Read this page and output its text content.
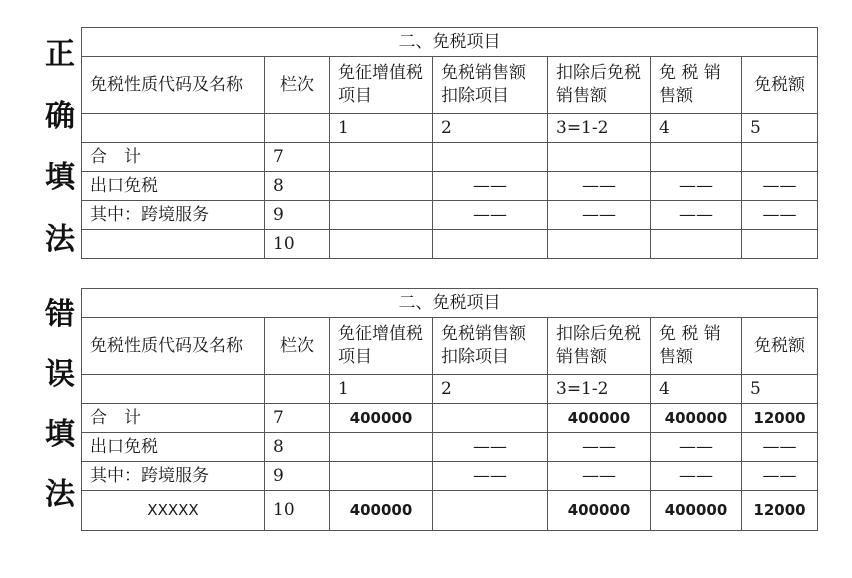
正
确
填
法
错
误
填
法
二、免税项目						
免税性质代码及名称	栏次	免征增值税项目	免税销售额扣除项目	扣除后免税销售额	免 税 销售额	免税额
		1	2	3=1-2	4	5
合　计	7					
出口免税	8		——	——	——	——
其中：跨境服务	9		——	——	——	——
	10					
二、免税项目						
免税性质代码及名称	栏次	免征增值税项目	免税销售额扣除项目	扣除后免税销售额	免 税 销售额	免税额
		1	2	3=1-2	4	5
合　计	7	400000		400000	400000	12000
出口免税	8		——	——	——	——
其中：跨境服务	9		——	——	——	——
XXXXX	10	400000		400000	400000	12000
